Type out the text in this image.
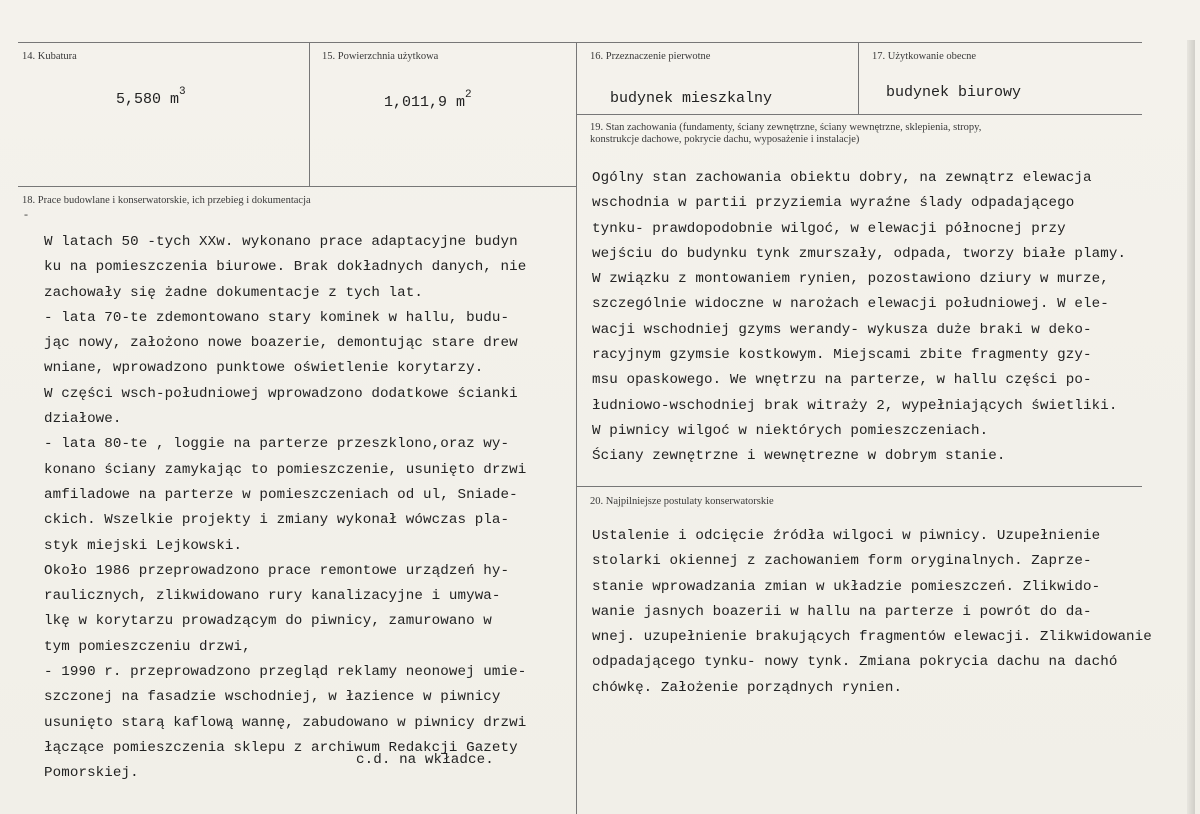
14. Kubatura
5,580 $m^3$
15. Powierzchnia użytkowa
1,011,9 $m^2$
16. Przeznaczenie pierwotne
budynek mieszkalny
17. Użytkowanie obecne
budynek biurowy
18. Prace budowlane i konserwatorskie, ich przebieg i dokumentacja
-
W latach 50 -tych XXw. wykonano prace adaptacyjne budyn
ku na pomieszczenia biurowe. Brak dokładnych danych, nie
zachowały się żadne dokumentacje z tych lat.
- lata 70-te zdemontowano stary kominek w hallu, budu-
jąc nowy, założono nowe boazerie, demontując stare drew
wniane, wprowadzono punktowe oświetlenie korytarzy.
W części wsch-południowej wprowadzono dodatkowe ścianki
działowe.
- lata 80-te , loggie na parterze przeszklono,oraz wy-
konano ściany zamykając to pomieszczenie, usunięto drzwi
amfiladowe na parterze w pomieszczeniach od ul, Sniade-
ckich. Wszelkie projekty i zmiany wykonał wówczas pla-
styk miejski Lejkowski.
Około 1986 przeprowadzono prace remontowe urządzeń hy-
raulicznych, zlikwidowano rury kanalizacyjne i umywa-
lkę w korytarzu prowadzącym do piwnicy, zamurowano w
tym pomieszczeniu drzwi,
- 1990 r. przeprowadzono przegląd reklamy neonowej umie-
szczonej na fasadzie wschodniej, w łazience w piwnicy
usunięto starą kaflową wannę, zabudowano w piwnicy drzwi
łączące pomieszczenia sklepu z archiwum Redakcji Gazety
Pomorskiej.
c.d. na wkładce.
19. Stan zachowania (fundamenty, ściany zewnętrzne, ściany wewnętrzne, sklepienia, stropy,
konstrukcje dachowe, pokrycie dachu, wyposażenie i instalacje)
Ogólny stan zachowania obiektu dobry, na zewnątrz elewacja
wschodnia w partii przyziemia wyraźne ślady odpadającego
tynku- prawdopodobnie wilgoć, w elewacji północnej przy
wejściu do budynku tynk zmurszały, odpada, tworzy białe plamy.
W związku z montowaniem rynien, pozostawiono dziury w murze,
szczególnie widoczne w narożach elewacji południowej. W ele-
wacji wschodniej gzyms werandy- wykusza duże braki w deko-
racyjnym gzymsie kostkowym. Miejscami zbite fragmenty gzy-
msu opaskowego. We wnętrzu na parterze, w hallu części po-
łudniowo-wschodniej brak witraży 2, wypełniających świetliki.
W piwnicy wilgoć w niektórych pomieszczeniach.
Ściany zewnętrzne i wewnętrezne w dobrym stanie.
20. Najpilniejsze postulaty konserwatorskie
Ustalenie i odcięcie źródła wilgoci w piwnicy. Uzupełnienie
stolarki okiennej z zachowaniem form oryginalnych. Zaprze-
stanie wprowadzania zmian w układzie pomieszczeń. Zlikwido-
wanie jasnych boazerii w hallu na parterze i powrót do da-
wnej. uzupełnienie brakujących fragmentów elewacji. Zlikwidowanie
odpadającego tynku- nowy tynk. Zmiana pokrycia dachu na dachó
chówkę. Założenie porządnych rynien.
